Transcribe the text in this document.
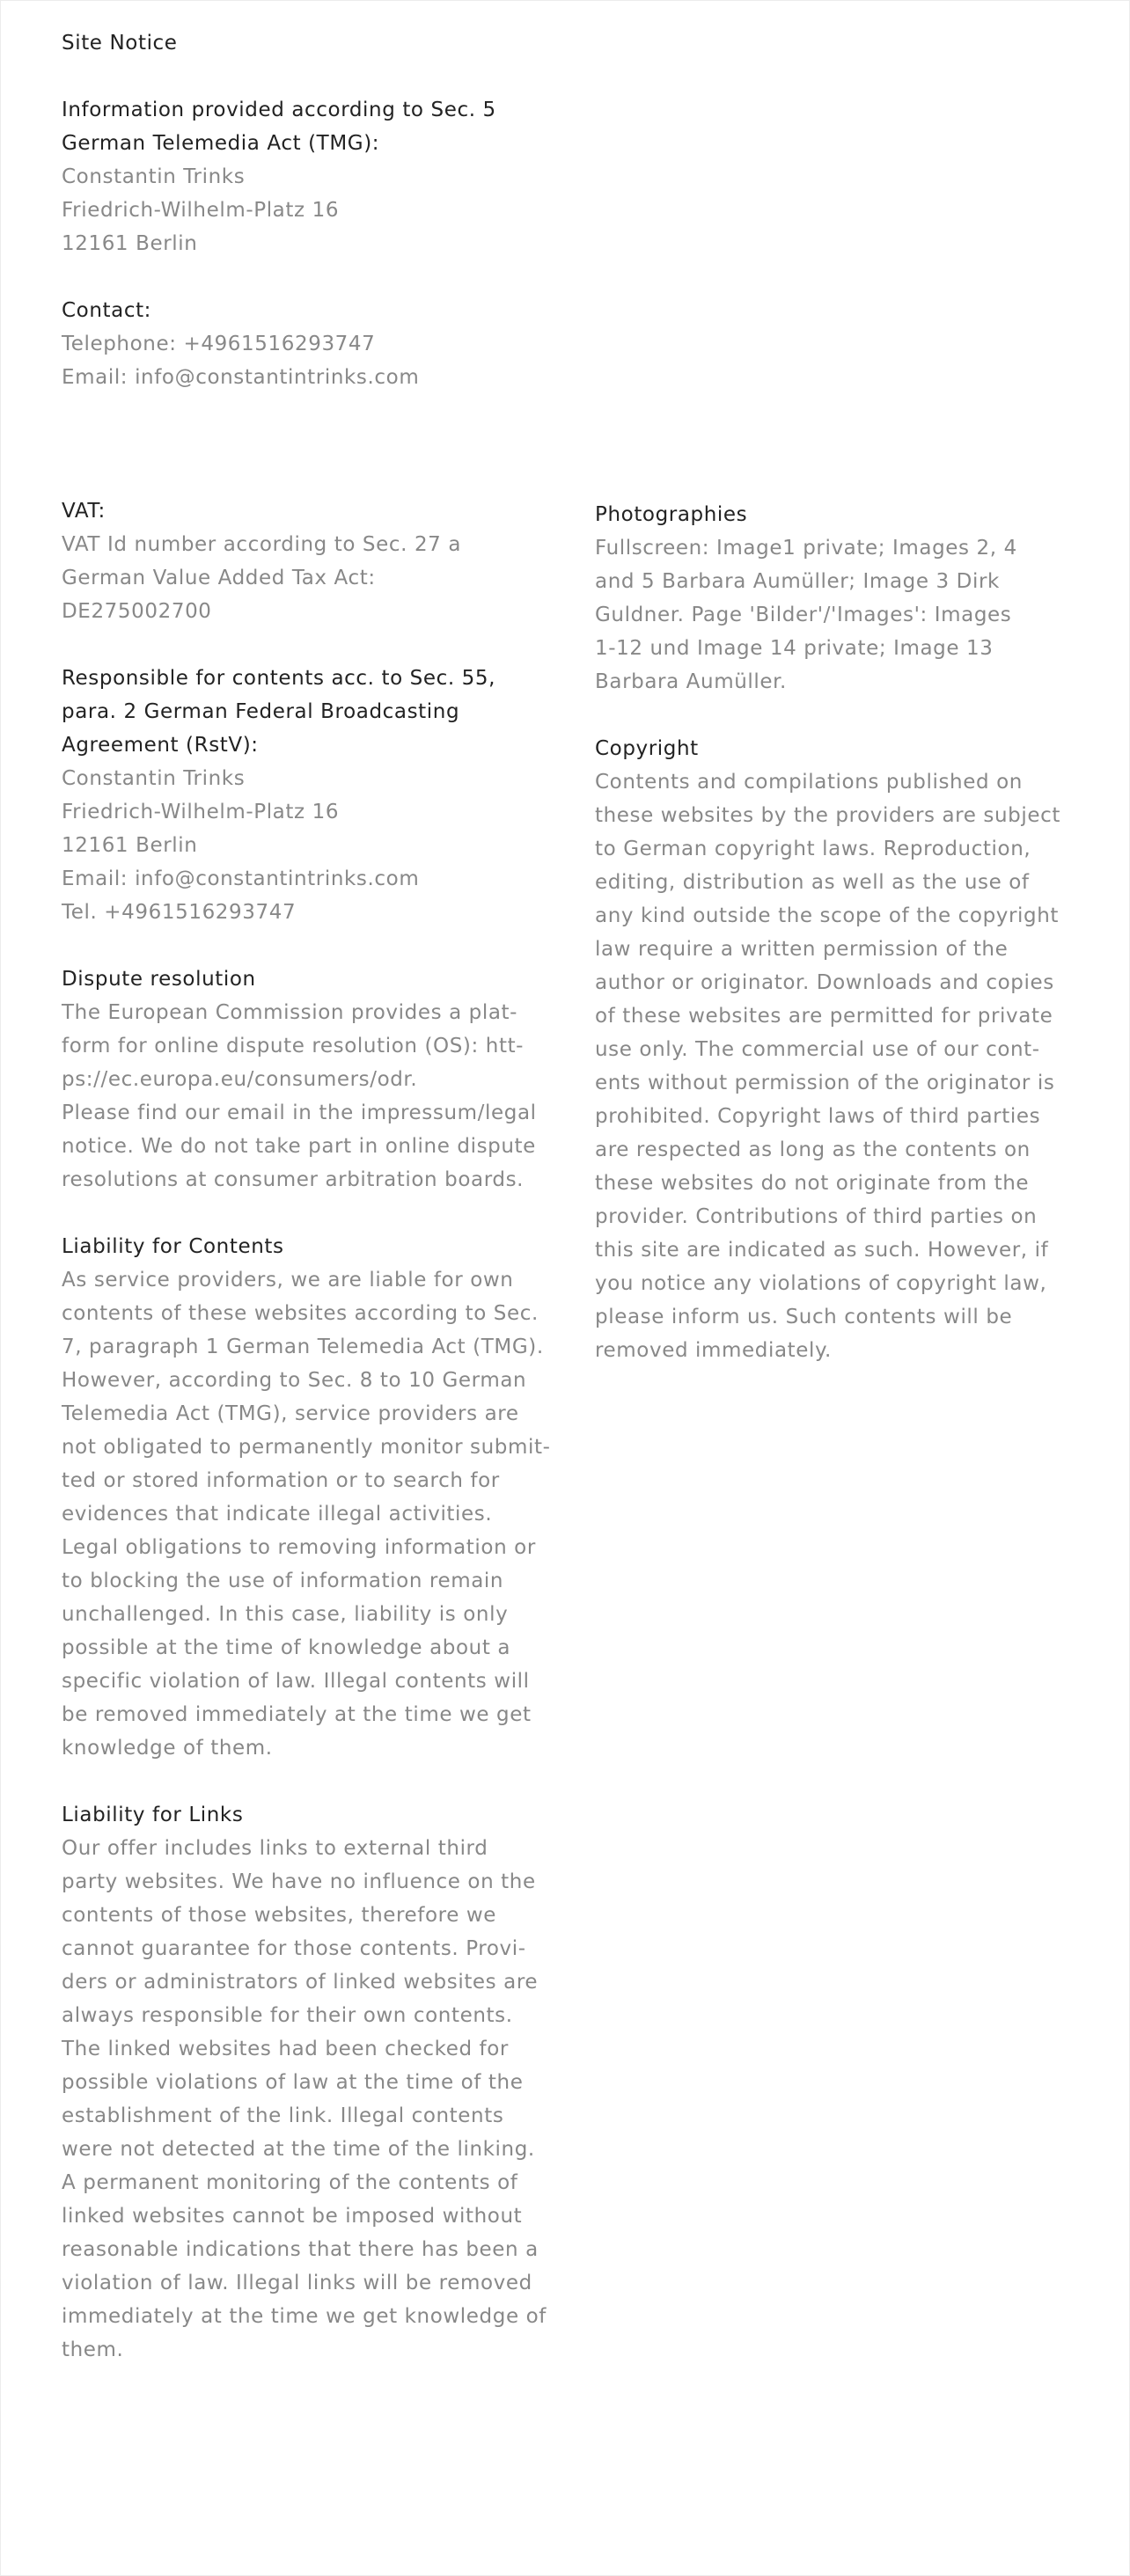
Site Notice
Information provided according to Sec. 5
German Telemedia Act (TMG):
Constantin Trinks
Friedrich-Wilhelm-Platz 16
12161 Berlin
Contact:
Telephone: +4961516293747
Email: info@constantintrinks.com
VAT:
VAT Id number according to Sec. 27 a
German Value Added Tax Act:
DE275002700
Responsible for contents acc. to Sec. 55,
para. 2 German Federal Broadcasting
Agreement (RstV):
Constantin Trinks
Friedrich-Wilhelm-Platz 16
12161 Berlin
Email: info@constantintrinks.com
Tel. +4961516293747
Dispute resolution
The European Commission provides a plat-
form for online dispute resolution (OS): htt-
ps://ec.europa.eu/consumers/odr.
Please find our email in the impressum/legal
notice. We do not take part in online dispute
resolutions at consumer arbitration boards.
Liability for Contents
As service providers, we are liable for own
contents of these websites according to Sec.
7, paragraph 1 German Telemedia Act (TMG).
However, according to Sec. 8 to 10 German
Telemedia Act (TMG), service providers are
not obligated to permanently monitor submit-
ted or stored information or to search for
evidences that indicate illegal activities.
Legal obligations to removing information or
to blocking the use of information remain
unchallenged. In this case, liability is only
possible at the time of knowledge about a
specific violation of law. Illegal contents will
be removed immediately at the time we get
knowledge of them.
Liability for Links
Our offer includes links to external third
party websites. We have no influence on the
contents of those websites, therefore we
cannot guarantee for those contents. Provi-
ders or administrators of linked websites are
always responsible for their own contents.
The linked websites had been checked for
possible violations of law at the time of the
establishment of the link. Illegal contents
were not detected at the time of the linking.
A permanent monitoring of the contents of
linked websites cannot be imposed without
reasonable indications that there has been a
violation of law. Illegal links will be removed
immediately at the time we get knowledge of
them.
Photographies
Fullscreen: Image1 private; Images 2, 4
and 5 Barbara Aumüller; Image 3 Dirk
Guldner. Page 'Bilder'/'Images': Images
1-12 und Image 14 private; Image 13
Barbara Aumüller.
Copyright
Contents and compilations published on
these websites by the providers are subject
to German copyright laws. Reproduction,
editing, distribution as well as the use of
any kind outside the scope of the copyright
law require a written permission of the
author or originator. Downloads and copies
of these websites are permitted for private
use only. The commercial use of our cont-
ents without permission of the originator is
prohibited. Copyright laws of third parties
are respected as long as the contents on
these websites do not originate from the
provider. Contributions of third parties on
this site are indicated as such. However, if
you notice any violations of copyright law,
please inform us. Such contents will be
removed immediately.
